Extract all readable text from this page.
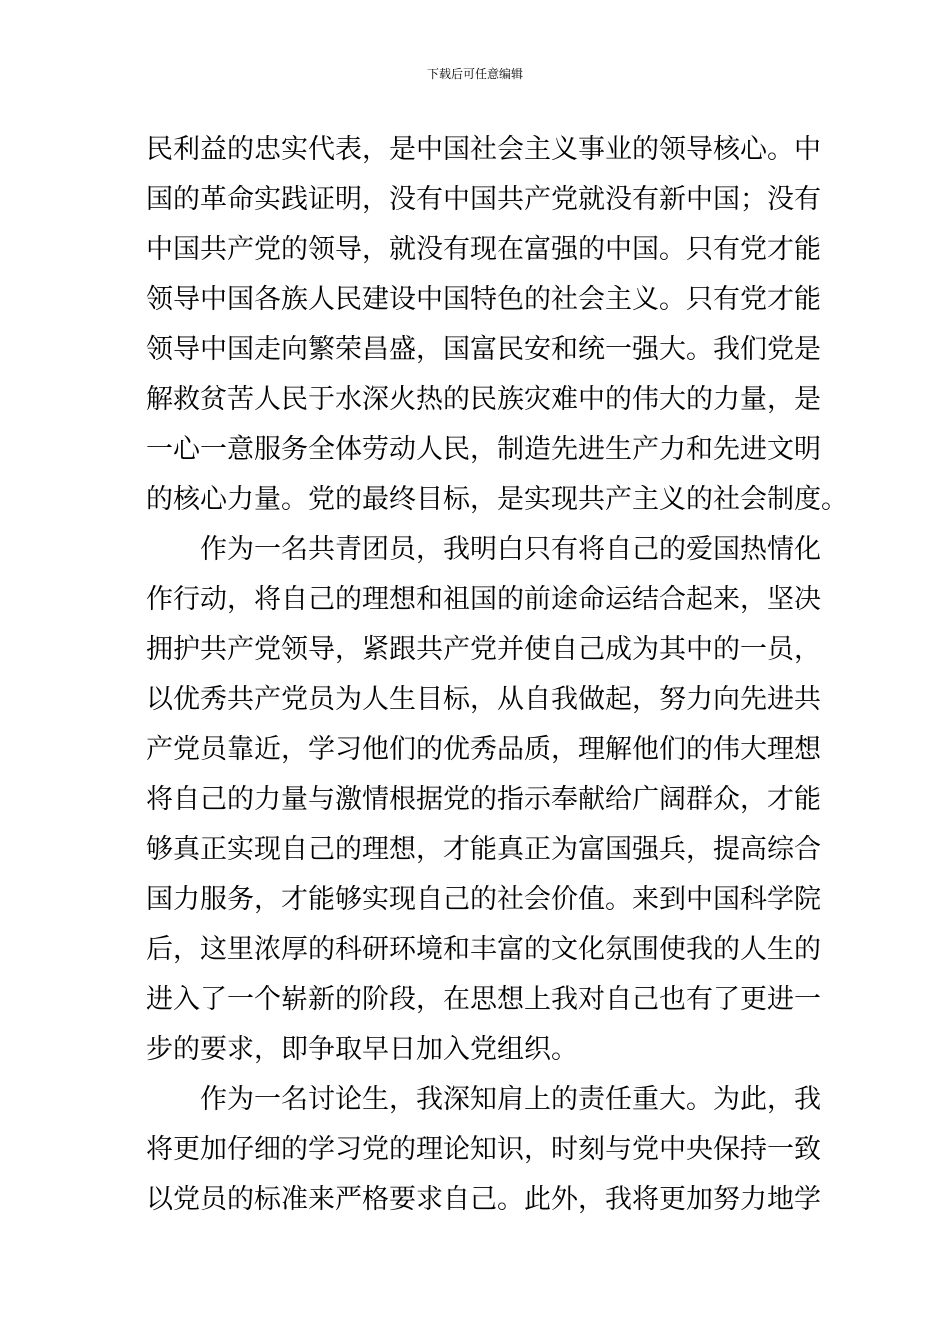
下载后可任意编辑
民利益的忠实代表，是中国社会主义事业的领导核心。中
国的革命实践证明，没有中国共产党就没有新中国；没有
中国共产党的领导，就没有现在富强的中国。只有党才能
领导中国各族人民建设中国特色的社会主义。只有党才能
领导中国走向繁荣昌盛，国富民安和统一强大。我们党是
解救贫苦人民于水深火热的民族灾难中的伟大的力量，是
一心一意服务全体劳动人民，制造先进生产力和先进文明
的核心力量。党的最终目标，是实现共产主义的社会制度。
作为一名共青团员，我明白只有将自己的爱国热情化
作行动，将自己的理想和祖国的前途命运结合起来，坚决
拥护共产党领导，紧跟共产党并使自己成为其中的一员，
以优秀共产党员为人生目标，从自我做起，努力向先进共
产党员靠近，学习他们的优秀品质，理解他们的伟大理想
将自己的力量与激情根据党的指示奉献给广阔群众，才能
够真正实现自己的理想，才能真正为富国强兵，提高综合
国力服务，才能够实现自己的社会价值。来到中国科学院
后，这里浓厚的科研环境和丰富的文化氛围使我的人生的
进入了一个崭新的阶段，在思想上我对自己也有了更进一
步的要求，即争取早日加入党组织。
作为一名讨论生，我深知肩上的责任重大。为此，我
将更加仔细的学习党的理论知识，时刻与党中央保持一致
以党员的标准来严格要求自己。此外，我将更加努力地学
